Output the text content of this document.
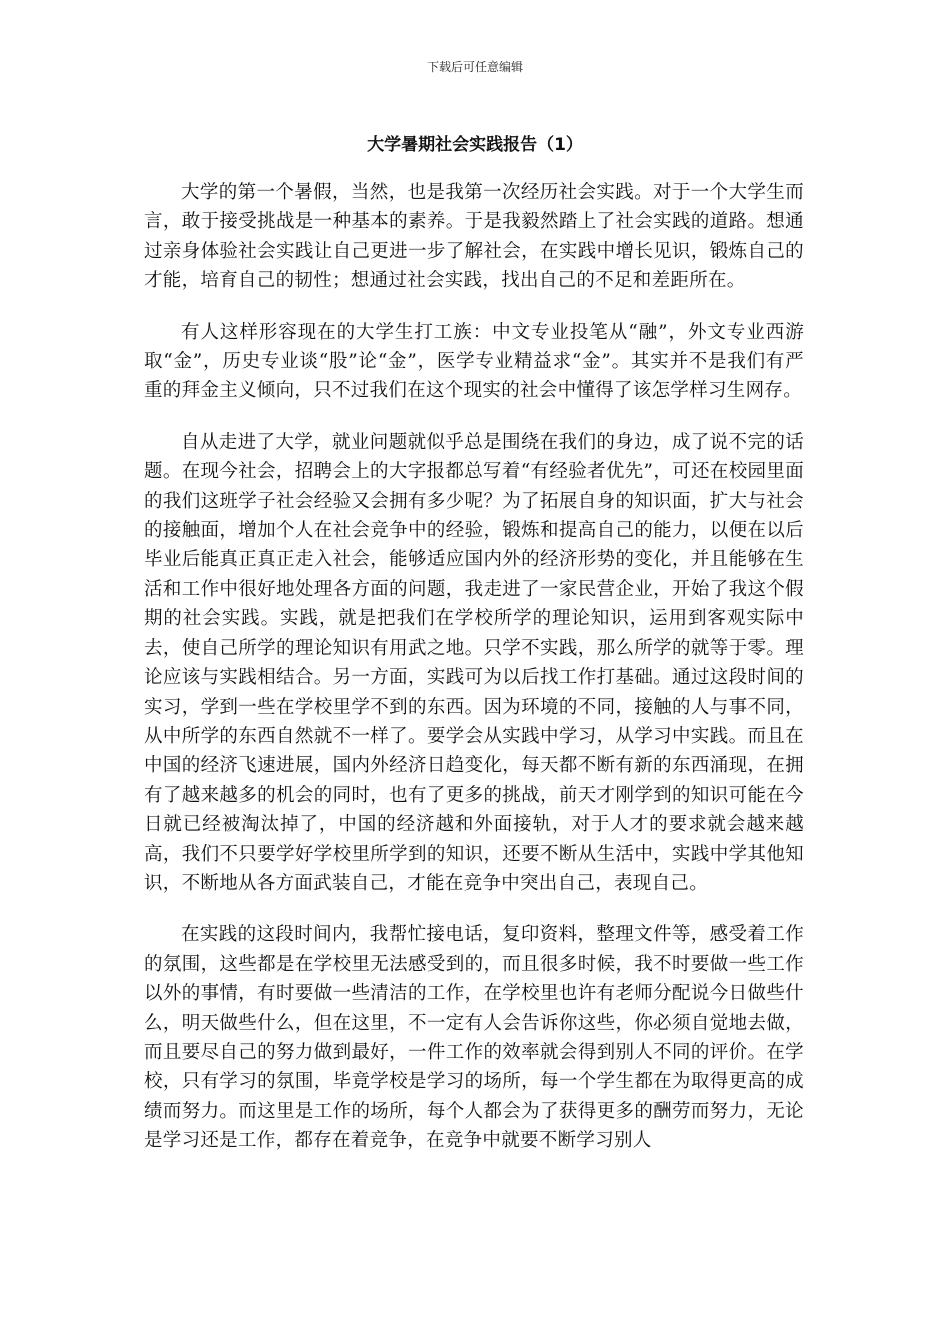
下载后可任意编辑
大学暑期社会实践报告（1）

大学的第一个暑假，当然，也是我第一次经历社会实践。对于一个大学生而言，敢于接受挑战是一种基本的素养。于是我毅然踏上了社会实践的道路。想通过亲身体验社会实践让自己更进一步了解社会，在实践中增长见识，锻炼自己的才能，培育自己的韧性；想通过社会实践，找出自己的不足和差距所在。

有人这样形容现在的大学生打工族：中文专业投笔从“融”，外文专业西游取“金”，历史专业谈“股”论“金”，医学专业精益求“金”。其实并不是我们有严重的拜金主义倾向，只不过我们在这个现实的社会中懂得了该怎学样习生网存。

自从走进了大学，就业问题就似乎总是围绕在我们的身边，成了说不完的话题。在现今社会，招聘会上的大字报都总写着“有经验者优先”，可还在校园里面的我们这班学子社会经验又会拥有多少呢？为了拓展自身的知识面，扩大与社会的接触面，增加个人在社会竞争中的经验，锻炼和提高自己的能力，以便在以后毕业后能真正真正走入社会，能够适应国内外的经济形势的变化，并且能够在生活和工作中很好地处理各方面的问题，我走进了一家民营企业，开始了我这个假期的社会实践。实践，就是把我们在学校所学的理论知识，运用到客观实际中去，使自己所学的理论知识有用武之地。只学不实践，那么所学的就等于零。理论应该与实践相结合。另一方面，实践可为以后找工作打基础。通过这段时间的实习，学到一些在学校里学不到的东西。因为环境的不同，接触的人与事不同，从中所学的东西自然就不一样了。要学会从实践中学习，从学习中实践。而且在中国的经济飞速进展，国内外经济日趋变化，每天都不断有新的东西涌现，在拥有了越来越多的机会的同时，也有了更多的挑战，前天才刚学到的知识可能在今日就已经被淘汰掉了，中国的经济越和外面接轨，对于人才的要求就会越来越高，我们不只要学好学校里所学到的知识，还要不断从生活中，实践中学其他知识，不断地从各方面武装自己，才能在竞争中突出自己，表现自己。

在实践的这段时间内，我帮忙接电话，复印资料，整理文件等，感受着工作的氛围，这些都是在学校里无法感受到的，而且很多时候，我不时要做一些工作以外的事情，有时要做一些清洁的工作，在学校里也许有老师分配说今日做些什么，明天做些什么，但在这里，不一定有人会告诉你这些，你必须自觉地去做，而且要尽自己的努力做到最好，一件工作的效率就会得到别人不同的评价。在学校，只有学习的氛围，毕竟学校是学习的场所，每一个学生都在为取得更高的成绩而努力。而这里是工作的场所，每个人都会为了获得更多的酬劳而努力，无论是学习还是工作，都存在着竞争，在竞争中就要不断学习别人
